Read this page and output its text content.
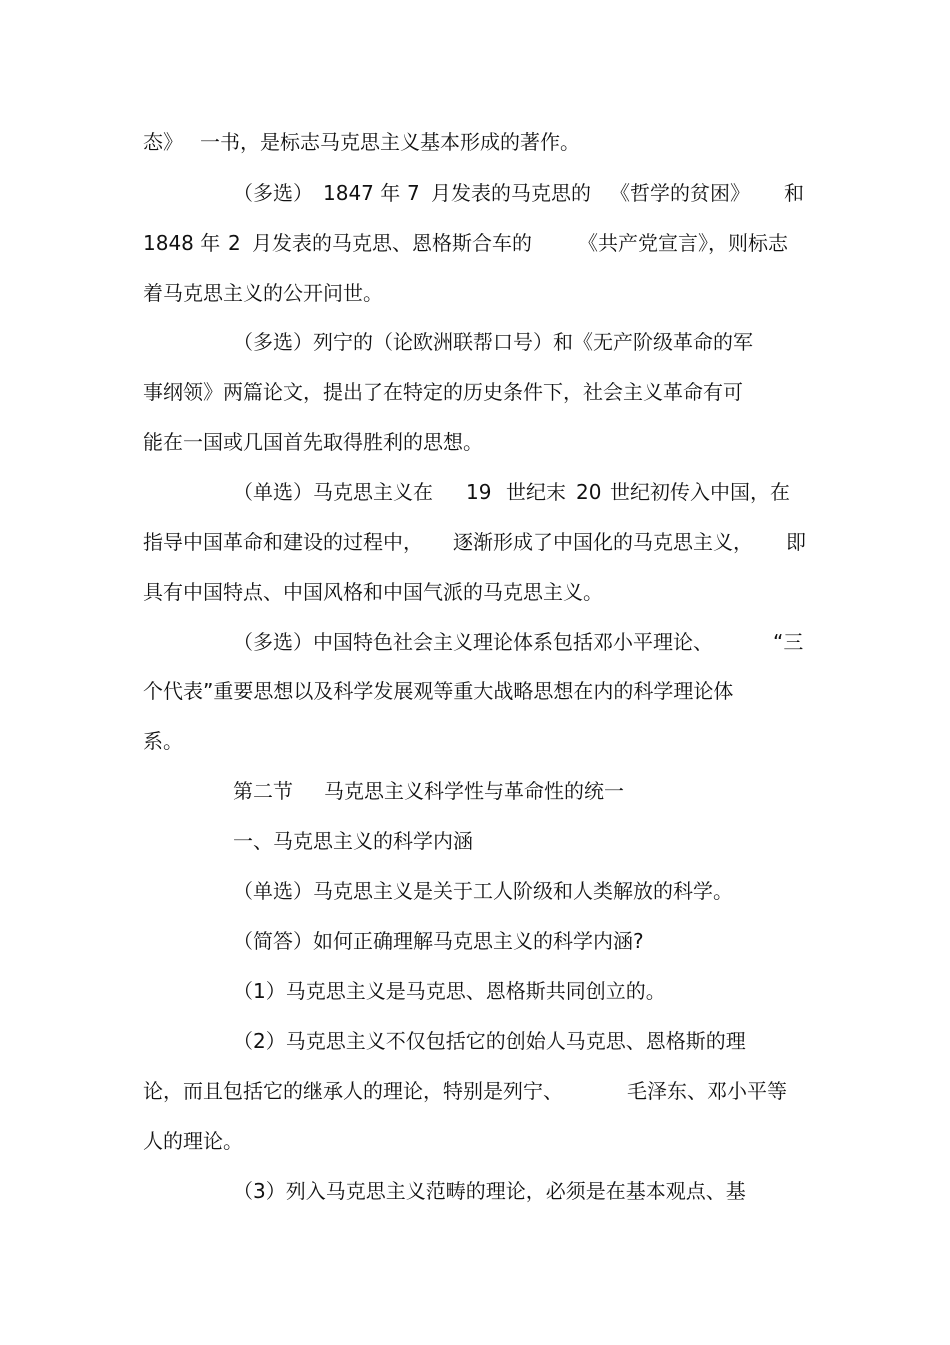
态》 一书，是标志马克思主义基本形成的著作。
（多选） 1847 年 7 月发表的马克思的 《哲学的贫困》 和
1848 年 2 月发表的马克思、恩格斯合车的 《共产党宣言》，则标志
着马克思主义的公开问世。
（多选）列宁的（论欧洲联帮口号）和《无产阶级革命的军
事纲领》两篇论文，提出了在特定的历史条件下，社会主义革命有可
能在一国或几国首先取得胜利的思想。
（单选）马克思主义在 19 世纪末 20 世纪初传入中国，在
指导中国革命和建设的过程中， 逐渐形成了中国化的马克思主义， 即
具有中国特点、中国风格和中国气派的马克思主义。
（多选）中国特色社会主义理论体系包括邓小平理论、	“三
个代表”重要思想以及科学发展观等重大战略思想在内的科学理论体
系。
第二节 马克思主义科学性与革命性的统一
一、马克思主义的科学内涵
（单选）马克思主义是关于工人阶级和人类解放的科学。
（简答）如何正确理解马克思主义的科学内涵?
（1）马克思主义是马克思、恩格斯共同创立的。
（2）马克思主义不仅包括它的创始人马克思、恩格斯的理
论，而且包括它的继承人的理论，特别是列宁、	毛泽东、邓小平等
人的理论。
（3）列入马克思主义范畴的理论，必须是在基本观点、基
